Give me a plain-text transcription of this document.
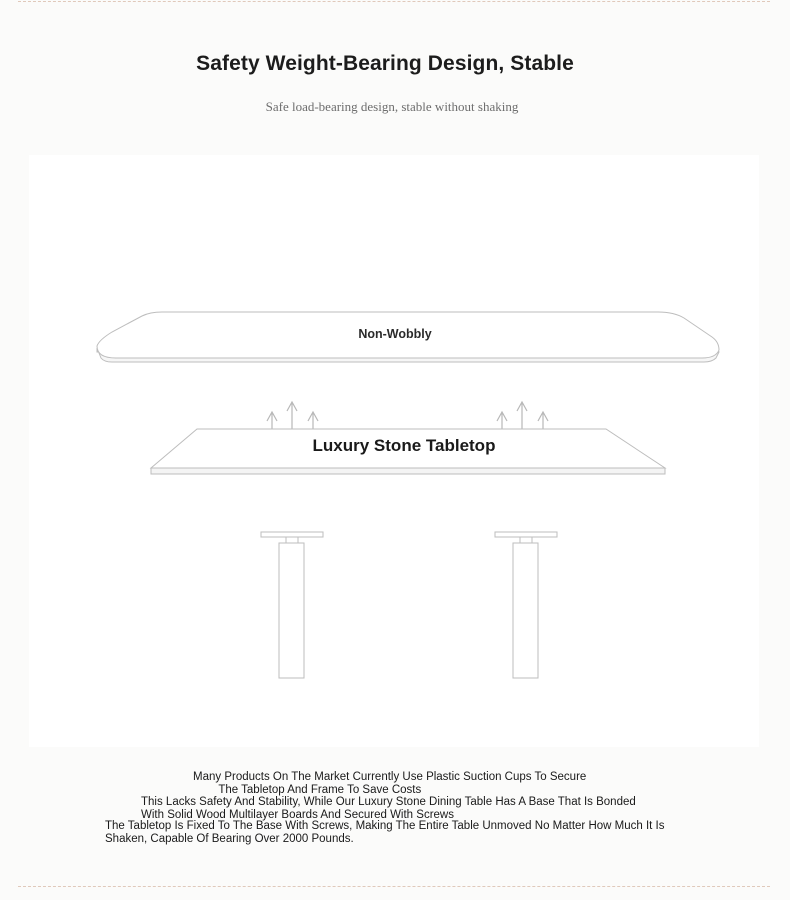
Safety Weight-Bearing Design, Stable
Safe load-bearing design, stable without shaking
Non-Wobbly
Luxury Stone Tabletop
Many Products On The Market Currently Use Plastic Suction Cups To Secure
The Tabletop And Frame To Save Costs
This Lacks Safety And Stability, While Our Luxury Stone Dining Table Has A Base That Is Bonded
With Solid Wood Multilayer Boards And Secured With Screws
The Tabletop Is Fixed To The Base With Screws, Making The Entire Table Unmoved No Matter How Much It Is
Shaken, Capable Of Bearing Over 2000 Pounds.
